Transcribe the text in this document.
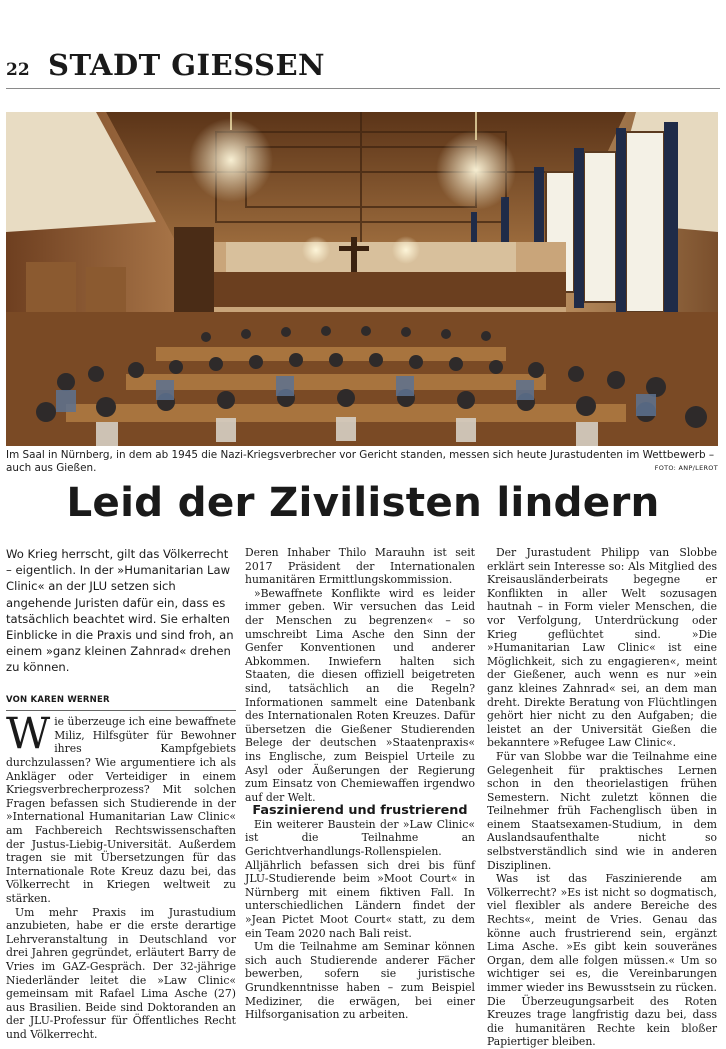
22 STADT GIESSEN
Im Saal in Nürnberg, in dem ab 1945 die Nazi-Kriegsverbrecher vor Gericht standen, messen sich heute Jurastudenten im Wettbewerb – auch aus Gießen.	FOTO: ANP/LEROT
Leid der Zivilisten lindern

Wo Krieg herrscht, gilt das Völkerrecht – eigentlich. In der »Humanitarian Law Clinic« an der JLU setzen sich angehende Juristen dafür ein, dass es tatsächlich beachtet wird. Sie erhalten Einblicke in die Praxis und sind froh, an einem »ganz kleinen Zahnrad« drehen zu können.

VON KAREN WERNER

Wie überzeuge ich eine bewaffnete Miliz, Hilfsgüter für Bewohner ihres Kampfgebiets durchzulassen? Wie argumentiere ich als Ankläger oder Verteidiger in einem Kriegsverbrecherprozess? Mit solchen Fragen befassen sich Studierende in der »International Humanitarian Law Clinic« am Fachbereich Rechtswissenschaften der Justus-Liebig-Universität. Außerdem tragen sie mit Übersetzungen für das Internationale Rote Kreuz dazu bei, das Völkerrecht in Kriegen weltweit zu stärken.

Um mehr Praxis im Jurastudium anzubieten, habe er die erste derartige Lehrveranstaltung in Deutschland vor drei Jahren gegründet, erläutert Barry de Vries im GAZ-Gespräch. Der 32-jährige Niederländer leitet die »Law Clinic« gemeinsam mit Rafael Lima Asche (27) aus Brasilien. Beide sind Doktoranden an der JLU-Professur für Öffentliches Recht und Völkerrecht.

Deren Inhaber Thilo Marauhn ist seit 2017 Präsident der Internationalen humanitären Ermittlungskommission.

»Bewaffnete Konflikte wird es leider immer geben. Wir versuchen das Leid der Menschen zu begrenzen« – so umschreibt Lima Asche den Sinn der Genfer Konventionen und anderer Abkommen. Inwiefern halten sich Staaten, die diesen offiziell beigetreten sind, tatsächlich an die Regeln? Informationen sammelt eine Datenbank des Internationalen Roten Kreuzes. Dafür übersetzen die Gießener Studierenden Belege der deutschen »Staatenpraxis« ins Englische, zum Beispiel Urteile zu Asyl oder Äußerungen der Regierung zum Einsatz von Chemiewaffen irgendwo auf der Welt.

Faszinierend und frustrierend

Ein weiterer Baustein der »Law Clinic« ist die Teilnahme an Gerichtverhandlungs-Rollenspielen. Alljährlich befassen sich drei bis fünf JLU-Studierende beim »Moot Court« in Nürnberg mit einem fiktiven Fall. In unterschiedlichen Ländern findet der »Jean Pictet Moot Court« statt, zu dem ein Team 2020 nach Bali reist.

Um die Teilnahme am Seminar können sich auch Studierende anderer Fächer bewerben, sofern sie juristische Grundkenntnisse haben – zum Beispiel Mediziner, die erwägen, bei einer Hilfsorganisation zu arbeiten.

Der Jurastudent Philipp van Slobbe erklärt sein Interesse so: Als Mitglied des Kreisausländerbeirats begegne er Konflikten in aller Welt sozusagen hautnah – in Form vieler Menschen, die vor Verfolgung, Unterdrückung oder Krieg geflüchtet sind. »Die »Humanitarian Law Clinic« ist eine Möglichkeit, sich zu engagieren«, meint der Gießener, auch wenn es nur »ein ganz kleines Zahnrad« sei, an dem man dreht. Direkte Beratung von Flüchtlingen gehört hier nicht zu den Aufgaben; die leistet an der Universität Gießen die bekanntere »Refugee Law Clinic«.

Für van Slobbe war die Teilnahme eine Gelegenheit für praktisches Lernen schon in den theorielastigen frühen Semestern. Nicht zuletzt können die Teilnehmer früh Fachenglisch üben in einem Staatsexamen-Studium, in dem Auslandsaufenthalte nicht so selbstverständlich sind wie in anderen Disziplinen.

Was ist das Faszinierende am Völkerrecht? »Es ist nicht so dogmatisch, viel flexibler als andere Bereiche des Rechts«, meint de Vries. Genau das könne auch frustrierend sein, ergänzt Lima Asche. »Es gibt kein souveränes Organ, dem alle folgen müssen.« Um so wichtiger sei es, die Vereinbarungen immer wieder ins Bewusstsein zu rücken. Die Überzeugungsarbeit des Roten Kreuzes trage langfristig dazu bei, dass die humanitären Rechte kein bloßer Papiertiger bleiben.
